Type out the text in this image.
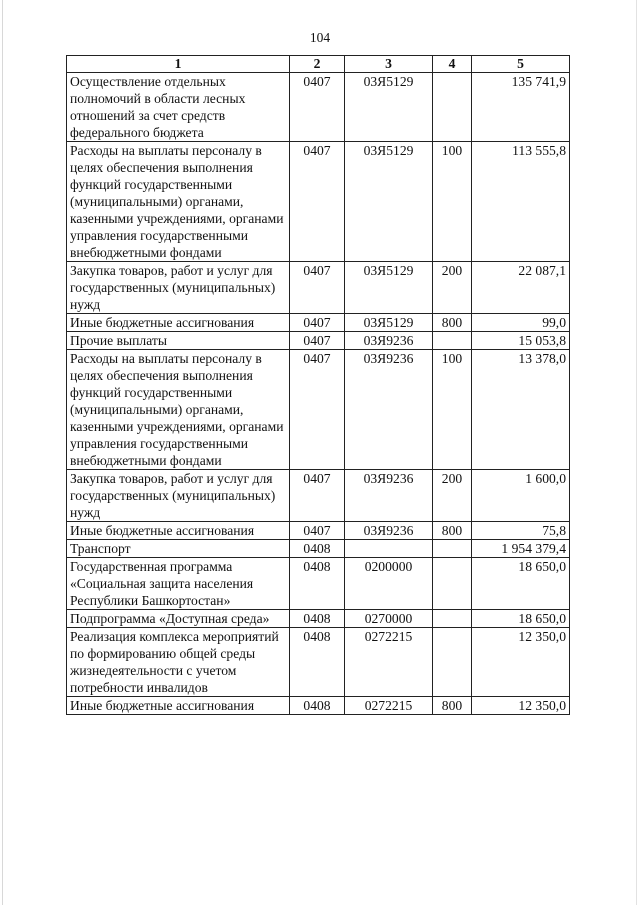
104
1	2	3	4	5
Осуществление отдельных полномочий в области лесных отношений за счет средств федерального бюджета	0407	03Я5129		135 741,9
Расходы на выплаты персоналу в целях обеспечения выполнения функций государственными (муниципальными) органами, казенными учреждениями, органами управления государственными внебюджетными фондами	0407	03Я5129	100	113 555,8
Закупка товаров, работ и услуг для государственных (муниципальных) нужд	0407	03Я5129	200	22 087,1
Иные бюджетные ассигнования	0407	03Я5129	800	99,0
Прочие выплаты	0407	03Я9236		15 053,8
Расходы на выплаты персоналу в целях обеспечения выполнения функций государственными (муниципальными) органами, казенными учреждениями, органами управления государственными внебюджетными фондами	0407	03Я9236	100	13 378,0
Закупка товаров, работ и услуг для государственных (муниципальных) нужд	0407	03Я9236	200	1 600,0
Иные бюджетные ассигнования	0407	03Я9236	800	75,8
Транспорт	0408			1 954 379,4
Государственная программа «Социальная защита населения Республики Башкортостан»	0408	0200000		18 650,0
Подпрограмма «Доступная среда»	0408	0270000		18 650,0
Реализация комплекса мероприятий по формированию общей среды жизнедеятельности с учетом потребности инвалидов	0408	0272215		12 350,0
Иные бюджетные ассигнования	0408	0272215	800	12 350,0
